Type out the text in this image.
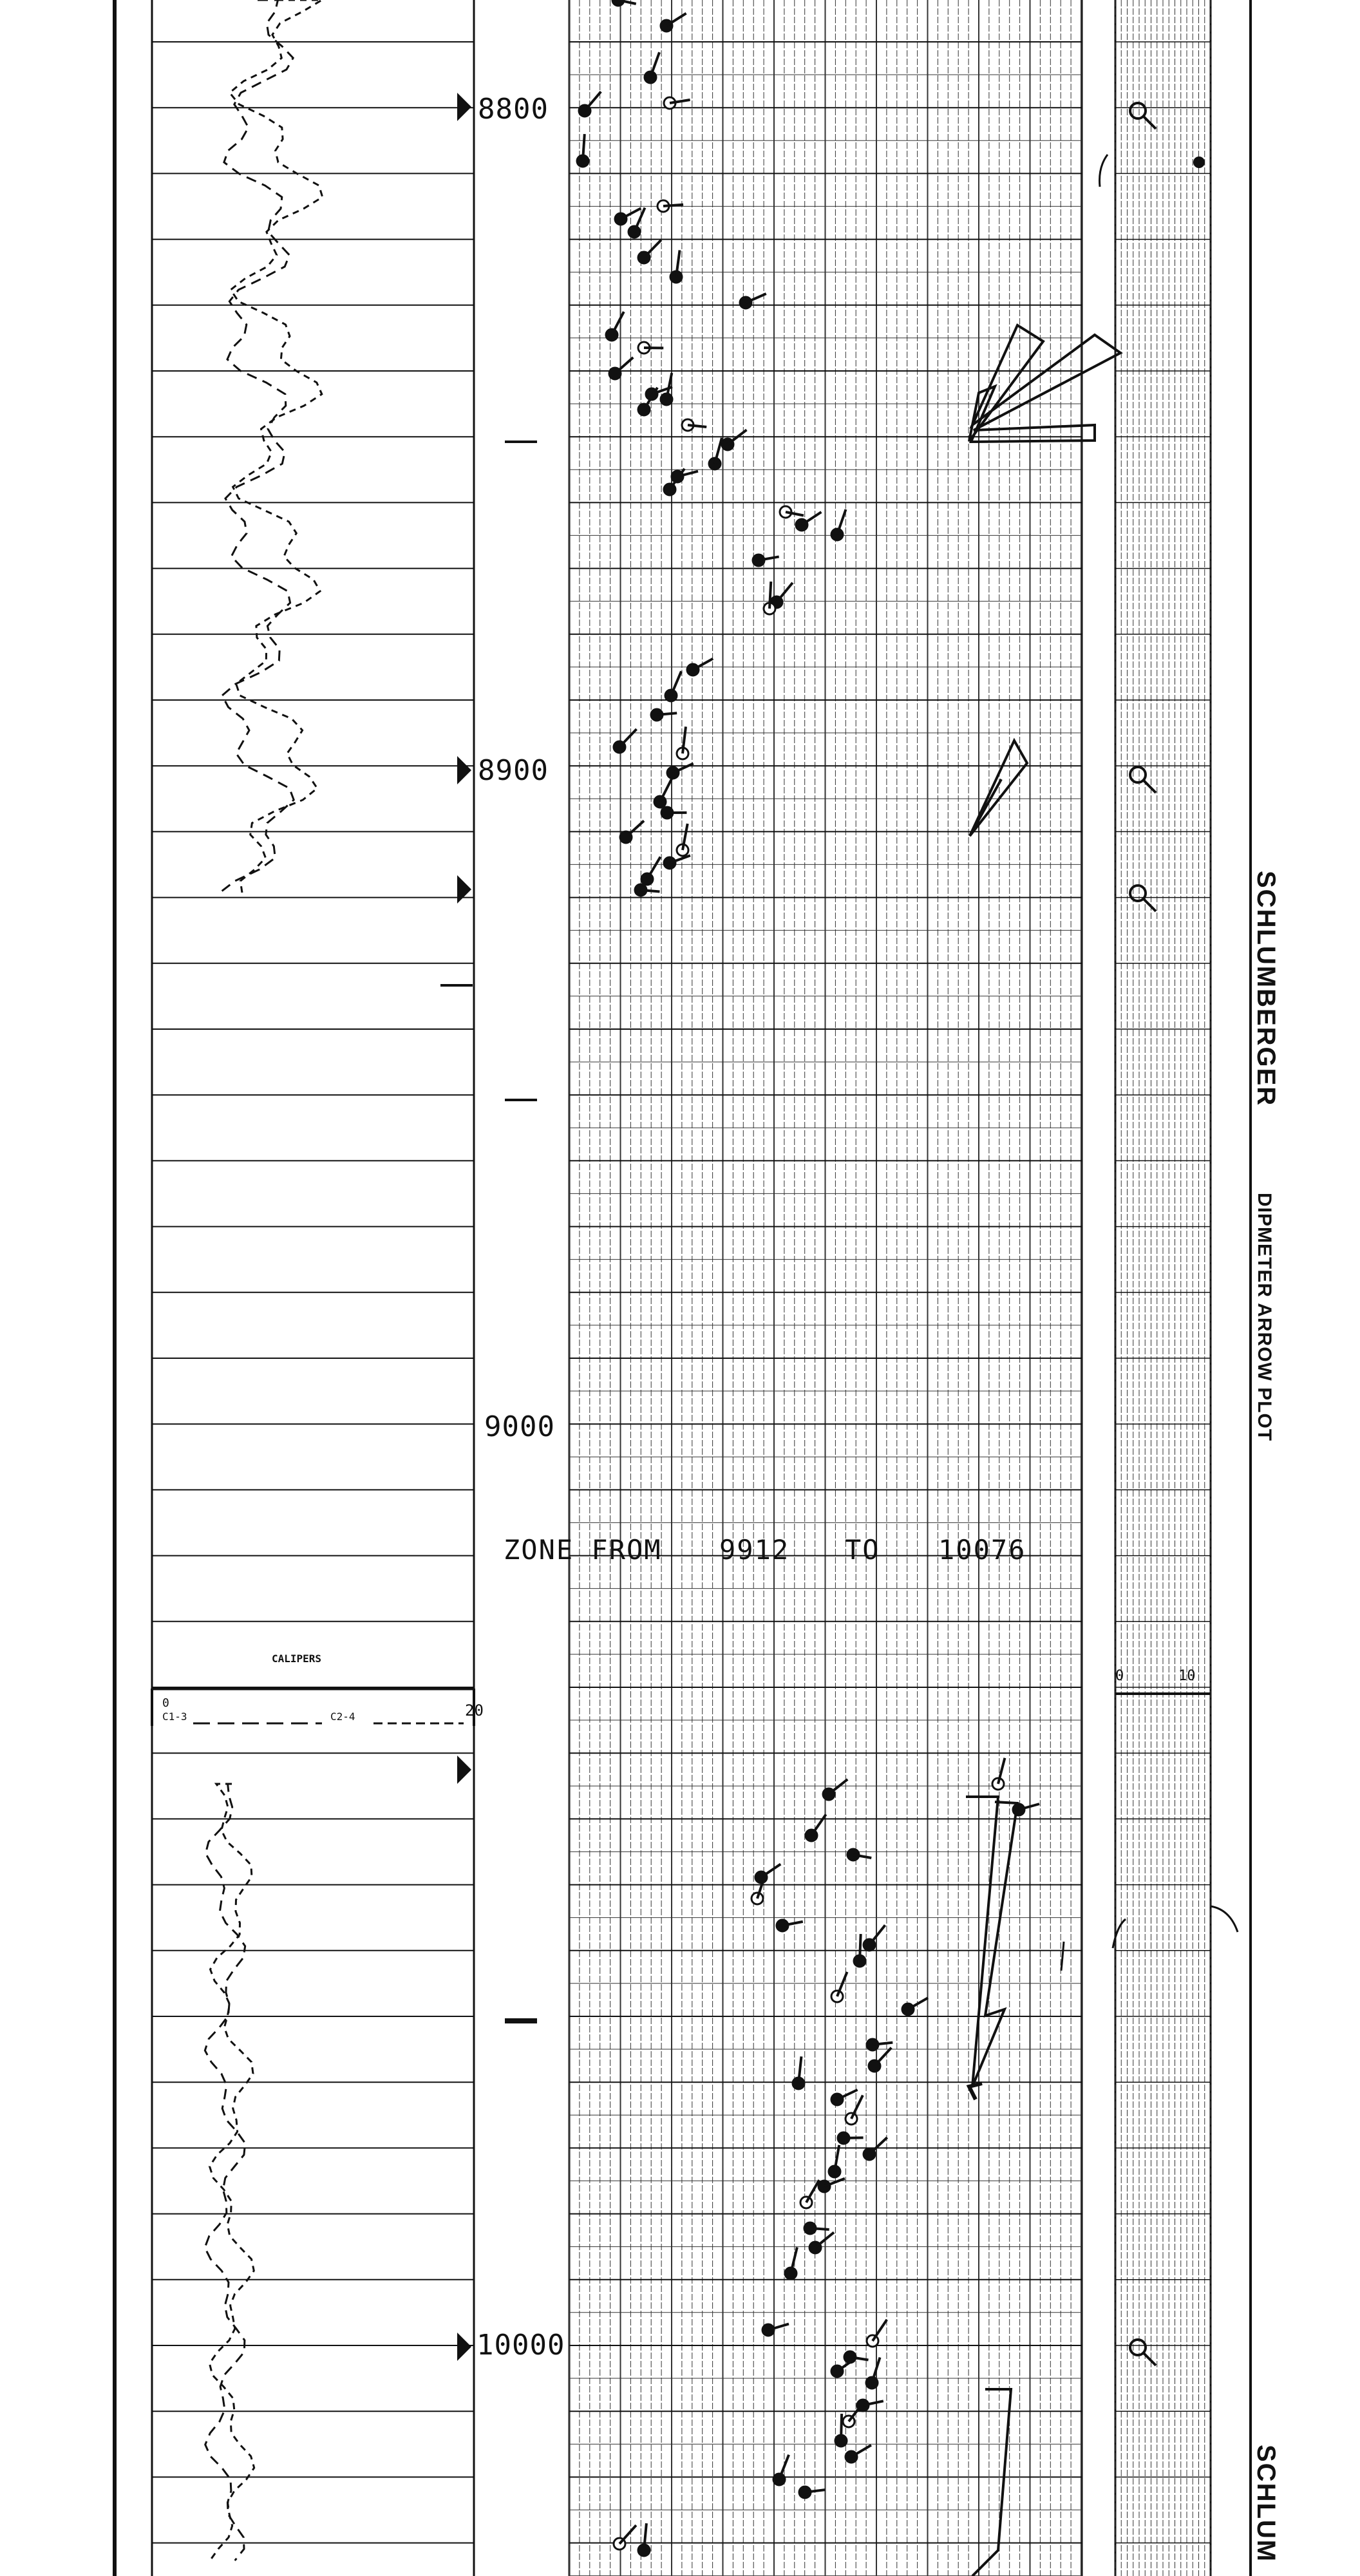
8800
8900
9000
10000
ZONE FROM 9912 TO 10076
CALIPERS
0
C1-3	C2-4	20
0	10
SCHLUMBERGER
DIPMETER ARROW PLOT
SCHLUM
